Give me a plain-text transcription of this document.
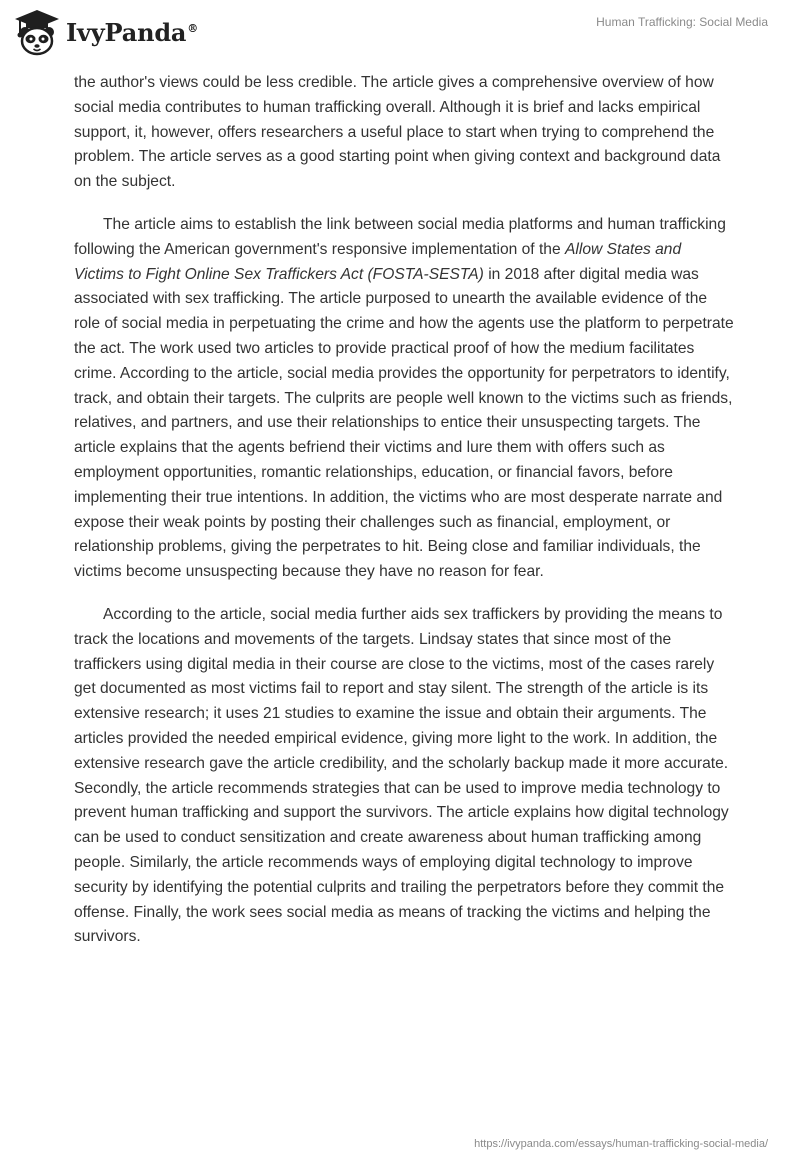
IvyPanda®	Human Trafficking: Social Media

the author's views could be less credible. The article gives a comprehensive overview of how social media contributes to human trafficking overall. Although it is brief and lacks empirical support, it, however, offers researchers a useful place to start when trying to comprehend the problem. The article serves as a good starting point when giving context and background data on the subject.

The article aims to establish the link between social media platforms and human trafficking following the American government's responsive implementation of the Allow States and Victims to Fight Online Sex Traffickers Act (FOSTA-SESTA) in 2018 after digital media was associated with sex trafficking. The article purposed to unearth the available evidence of the role of social media in perpetuating the crime and how the agents use the platform to perpetrate the act. The work used two articles to provide practical proof of how the medium facilitates crime. According to the article, social media provides the opportunity for perpetrators to identify, track, and obtain their targets. The culprits are people well known to the victims such as friends, relatives, and partners, and use their relationships to entice their unsuspecting targets. The article explains that the agents befriend their victims and lure them with offers such as employment opportunities, romantic relationships, education, or financial favors, before implementing their true intentions. In addition, the victims who are most desperate narrate and expose their weak points by posting their challenges such as financial, employment, or relationship problems, giving the perpetrates to hit. Being close and familiar individuals, the victims become unsuspecting because they have no reason for fear.

According to the article, social media further aids sex traffickers by providing the means to track the locations and movements of the targets. Lindsay states that since most of the traffickers using digital media in their course are close to the victims, most of the cases rarely get documented as most victims fail to report and stay silent. The strength of the article is its extensive research; it uses 21 studies to examine the issue and obtain their arguments. The articles provided the needed empirical evidence, giving more light to the work. In addition, the extensive research gave the article credibility, and the scholarly backup made it more accurate. Secondly, the article recommends strategies that can be used to improve media technology to prevent human trafficking and support the survivors. The article explains how digital technology can be used to conduct sensitization and create awareness about human trafficking among people. Similarly, the article recommends ways of employing digital technology to improve security by identifying the potential culprits and trailing the perpetrators before they commit the offense. Finally, the work sees social media as means of tracking the victims and helping the survivors.

https://ivypanda.com/essays/human-trafficking-social-media/
